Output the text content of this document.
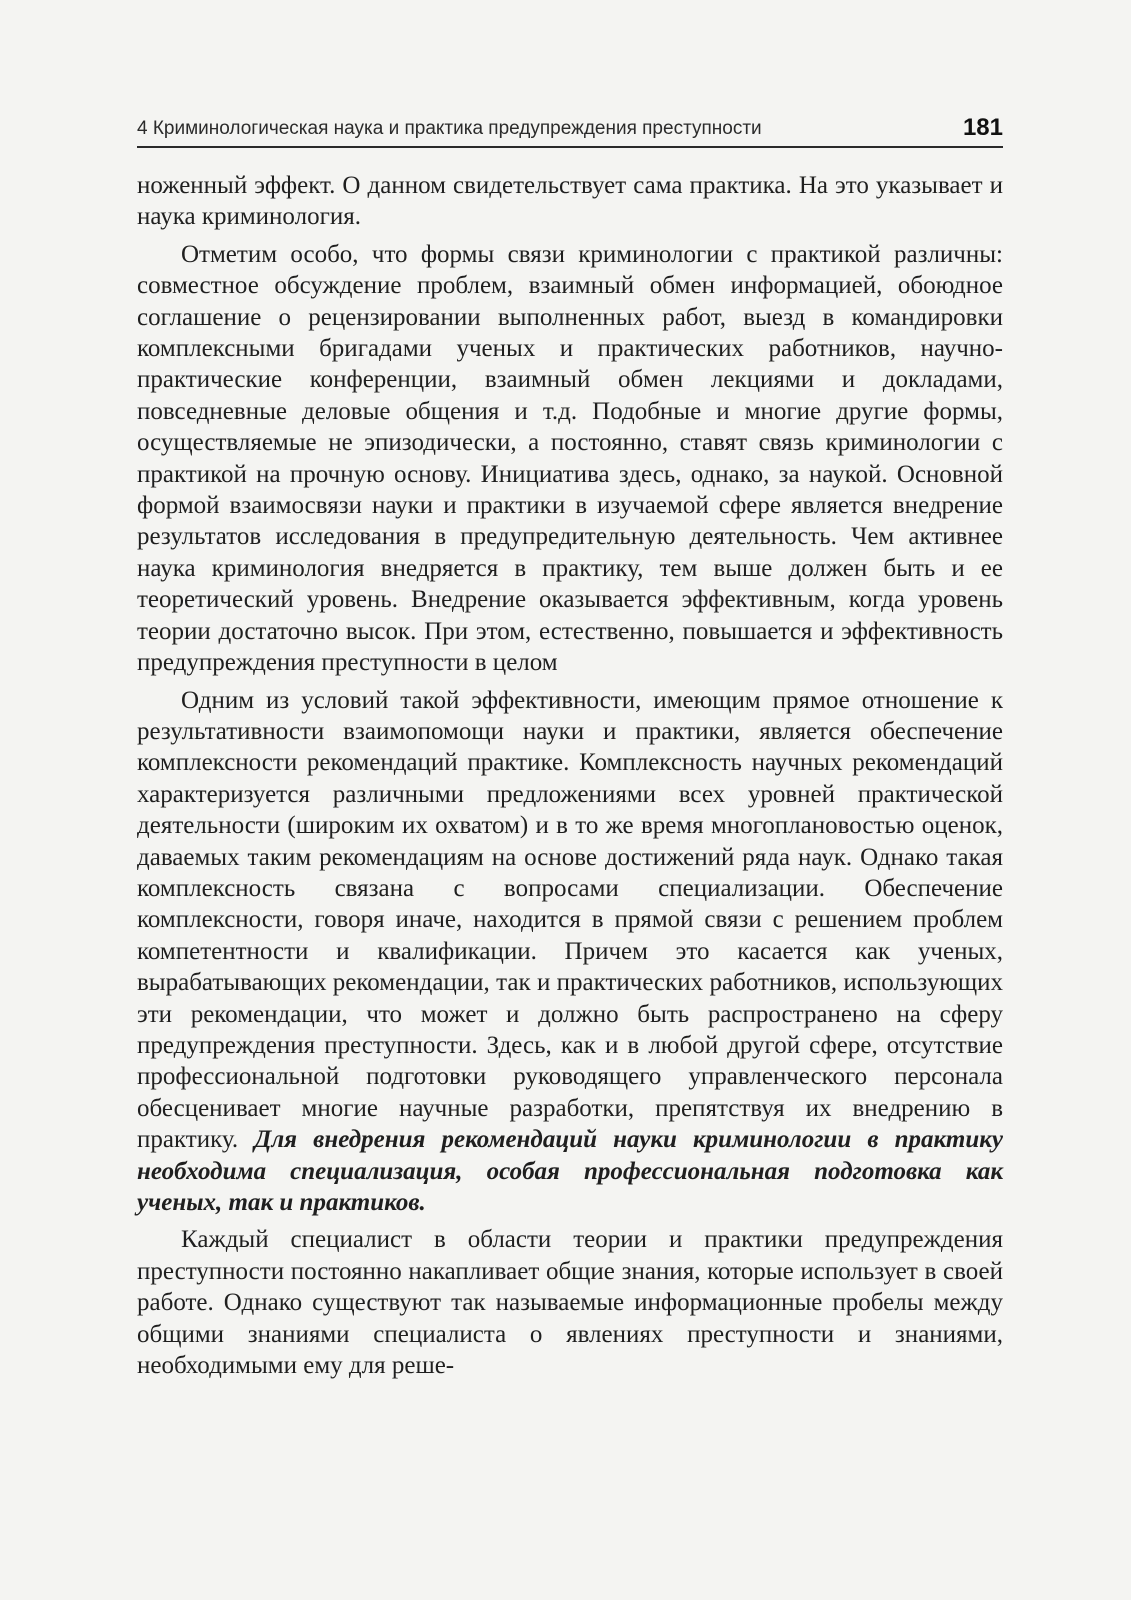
4 Криминологическая наука и практика предупреждения преступности	181

ноженный эффект. О данном свидетельствует сама практика. На это указывает и наука криминология.

Отметим особо, что формы связи криминологии с практикой различны: совместное обсуждение проблем, взаимный обмен информацией, обоюдное соглашение о рецензировании выполненных работ, выезд в командировки комплексными бригадами ученых и практических работников, научно-практические конференции, взаимный обмен лекциями и докладами, повседневные деловые общения и т.д. Подобные и многие другие формы, осуществляемые не эпизодически, а постоянно, ставят связь криминологии с практикой на прочную основу. Инициатива здесь, однако, за наукой. Основной формой взаимосвязи науки и практики в изучаемой сфере является внедрение результатов исследования в предупредительную деятельность. Чем активнее наука криминология внедряется в практику, тем выше должен быть и ее теоретический уровень. Внедрение оказывается эффективным, когда уровень теории достаточно высок. При этом, естественно, повышается и эффективность предупреждения преступности в целом

Одним из условий такой эффективности, имеющим прямое отношение к результативности взаимопомощи науки и практики, является обеспечение комплексности рекомендаций практике. Комплексность научных рекомендаций характеризуется различными предложениями всех уровней практической деятельности (широким их охватом) и в то же время многоплановостью оценок, даваемых таким рекомендациям на основе достижений ряда наук. Однако такая комплексность связана с вопросами специализации. Обеспечение комплексности, говоря иначе, находится в прямой связи с решением проблем компетентности и квалификации. Причем это касается как ученых, вырабатывающих рекомендации, так и практических работников, использующих эти рекомендации, что может и должно быть распространено на сферу предупреждения преступности. Здесь, как и в любой другой сфере, отсутствие профессиональной подготовки руководящего управленческого персонала обесценивает многие научные разработки, препятствуя их внедрению в практику. Для внедрения рекомендаций науки криминологии в практику необходима специализация, особая профессиональная подготовка как ученых, так и практиков.

Каждый специалист в области теории и практики предупреждения преступности постоянно накапливает общие знания, которые использует в своей работе. Однако существуют так называемые информационные пробелы между общими знаниями специалиста о явлениях преступности и знаниями, необходимыми ему для реше-
